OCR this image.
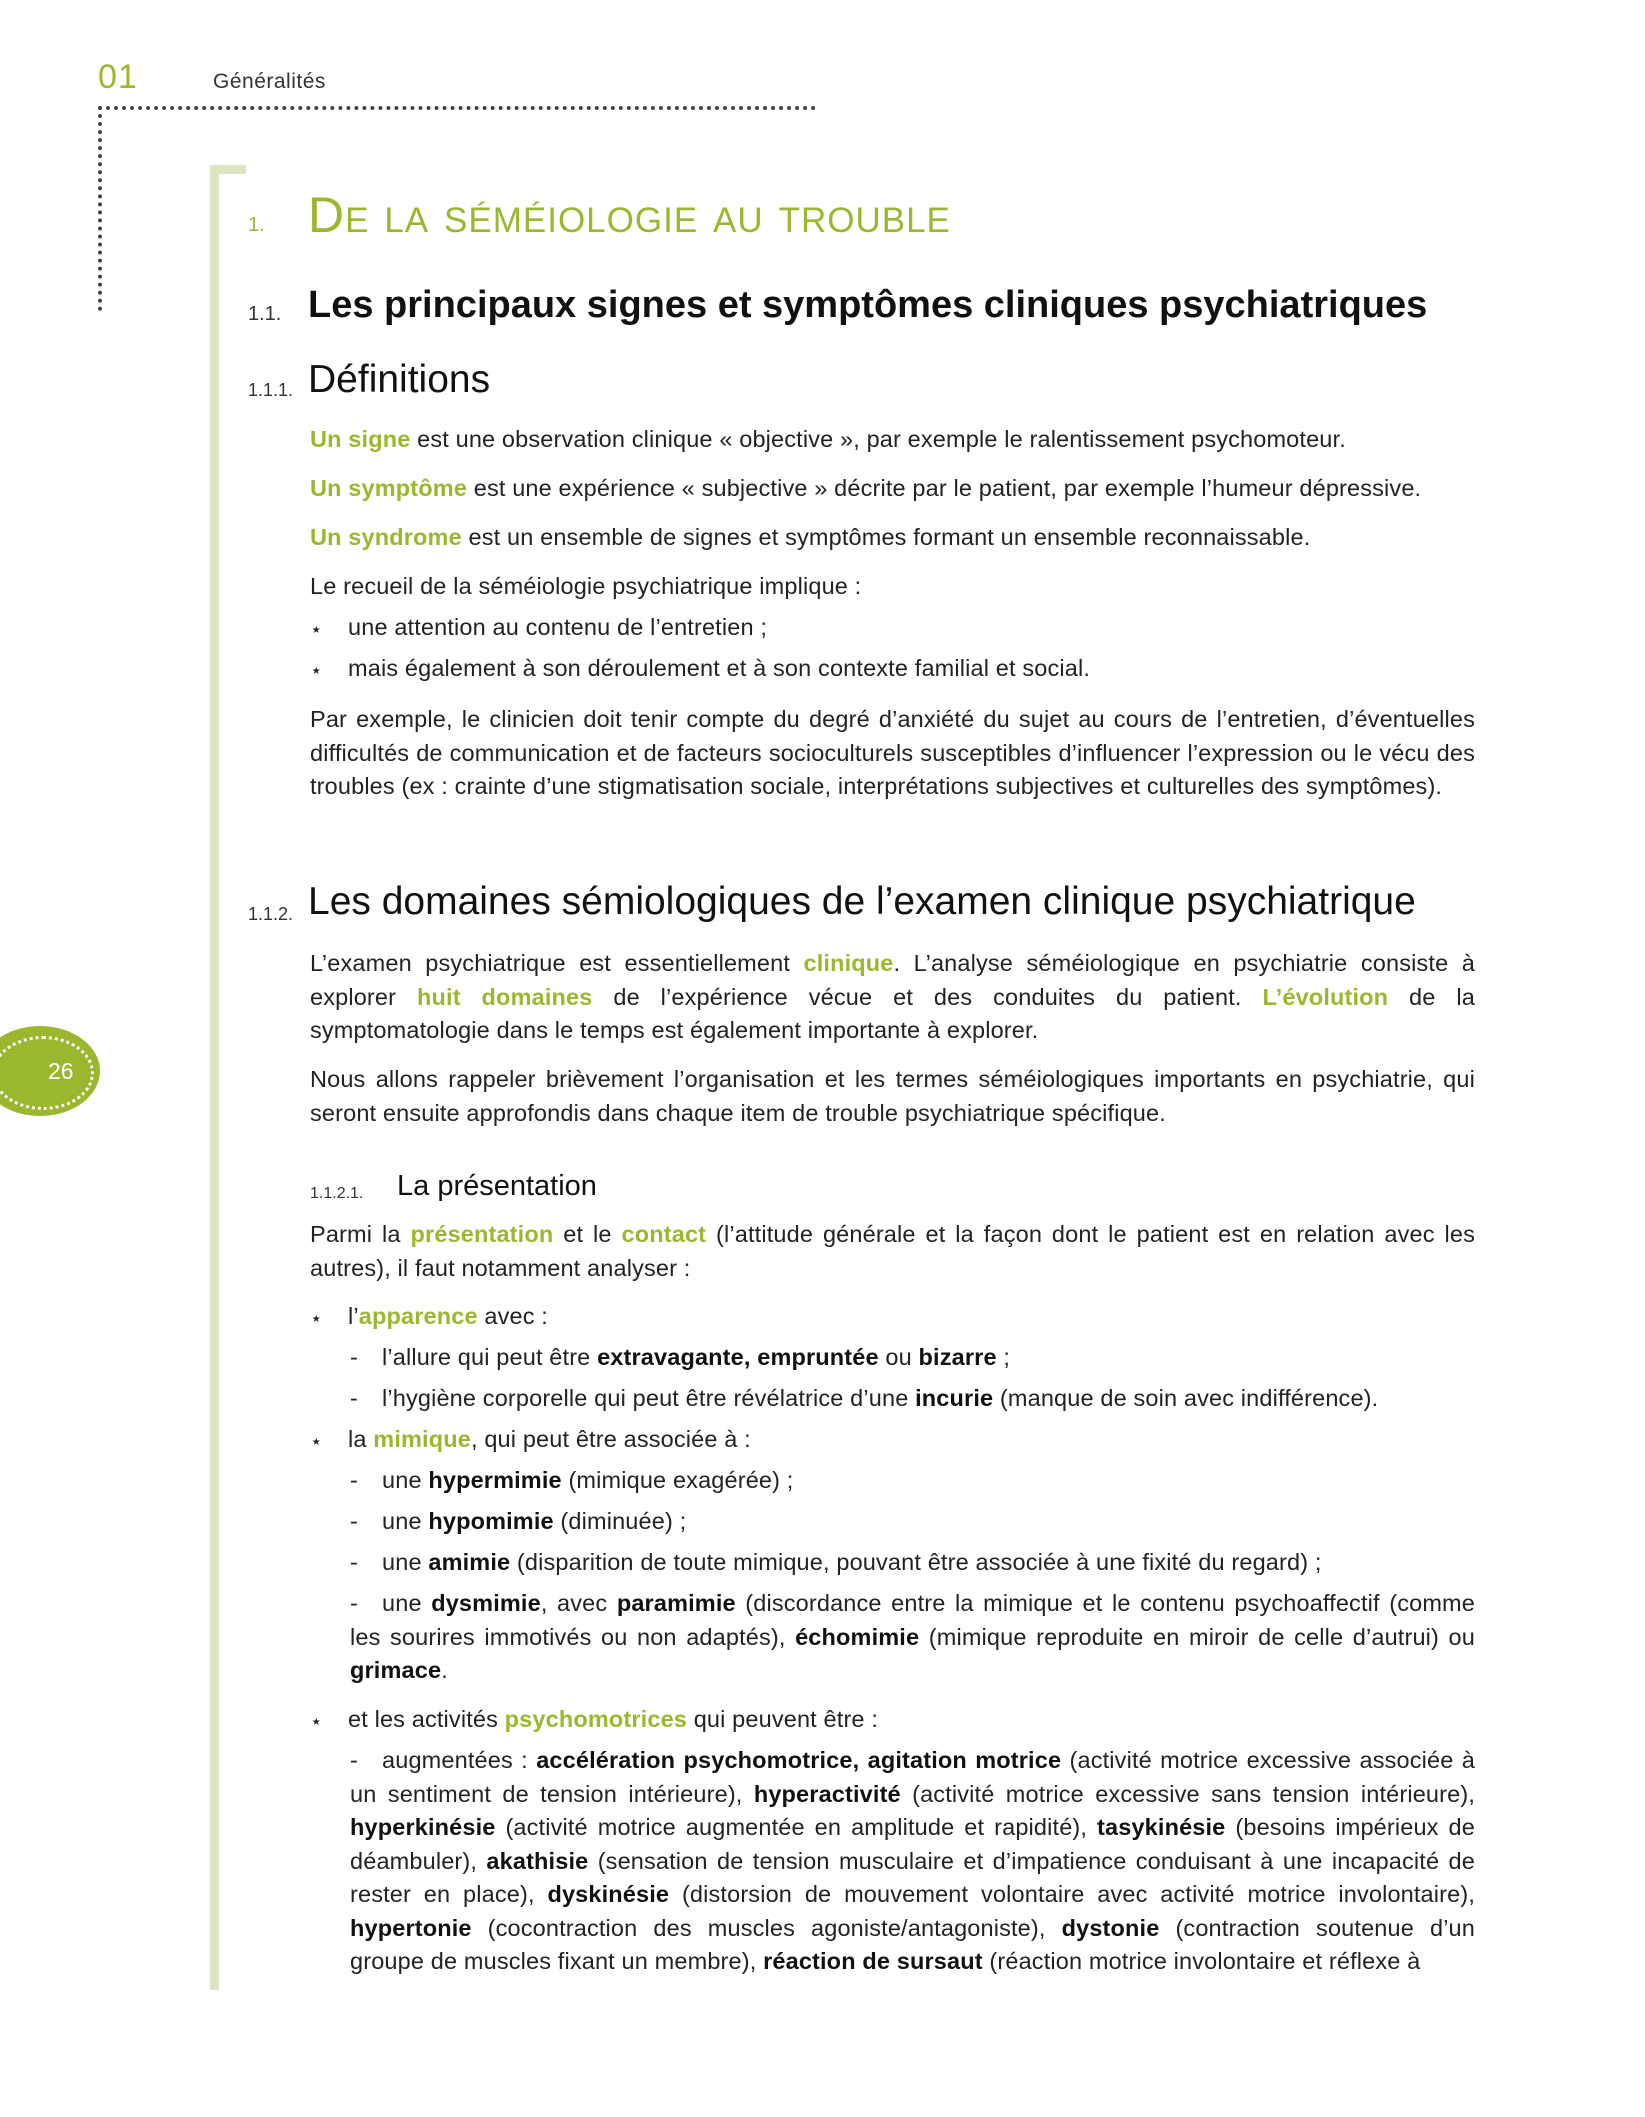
01	Généralités
26
1. De la séméiologie au trouble
1.1. Les principaux signes et symptômes cliniques psychiatriques
1.1.1. Définitions
Un signe est une observation clinique « objective », par exemple le ralentissement psychomoteur.
Un symptôme est une expérience « subjective » décrite par le patient, par exemple l’humeur dépressive.
Un syndrome est un ensemble de signes et symptômes formant un ensemble reconnaissable.
Le recueil de la séméiologie psychiatrique implique :
⋆ une attention au contenu de l’entretien ;
⋆ mais également à son déroulement et à son contexte familial et social.
Par exemple, le clinicien doit tenir compte du degré d’anxiété du sujet au cours de l’entretien, d’éventuelles difficultés de communication et de facteurs socioculturels susceptibles d’influencer l’expression ou le vécu des troubles (ex : crainte d’une stigmatisation sociale, interprétations subjectives et culturelles des symptômes).
1.1.2. Les domaines sémiologiques de l’examen clinique psychiatrique
L’examen psychiatrique est essentiellement clinique. L’analyse séméiologique en psychiatrie consiste à explorer huit domaines de l’expérience vécue et des conduites du patient. L’évolution de la symptomatologie dans le temps est également importante à explorer.
Nous allons rappeler brièvement l’organisation et les termes séméiologiques importants en psychiatrie, qui seront ensuite approfondis dans chaque item de trouble psychiatrique spécifique.
1.1.2.1. La présentation
Parmi la présentation et le contact (l’attitude générale et la façon dont le patient est en relation avec les autres), il faut notamment analyser :
⋆ l’apparence avec :
- l’allure qui peut être extravagante, empruntée ou bizarre ;
- l’hygiène corporelle qui peut être révélatrice d’une incurie (manque de soin avec indifférence).
⋆ la mimique, qui peut être associée à :
- une hypermimie (mimique exagérée) ;
- une hypomimie (diminuée) ;
- une amimie (disparition de toute mimique, pouvant être associée à une fixité du regard) ;
- une dysmimie, avec paramimie (discordance entre la mimique et le contenu psychoaffectif (comme les sourires immotivés ou non adaptés), échomimie (mimique reproduite en miroir de celle d’autrui) ou grimace.
⋆ et les activités psychomotrices qui peuvent être :
- augmentées : accélération psychomotrice, agitation motrice (activité motrice excessive associée à un sentiment de tension intérieure), hyperactivité (activité motrice excessive sans tension intérieure), hyperkinésie (activité motrice augmentée en amplitude et rapidité), tasykinésie (besoins impérieux de déambuler), akathisie (sensation de tension musculaire et d’impatience conduisant à une incapacité de rester en place), dyskinésie (distorsion de mouvement volontaire avec activité motrice involontaire), hypertonie (cocontraction des muscles agoniste/antagoniste), dystonie (contraction soutenue d’un groupe de muscles fixant un membre), réaction de sursaut (réaction motrice involontaire et réflexe à
